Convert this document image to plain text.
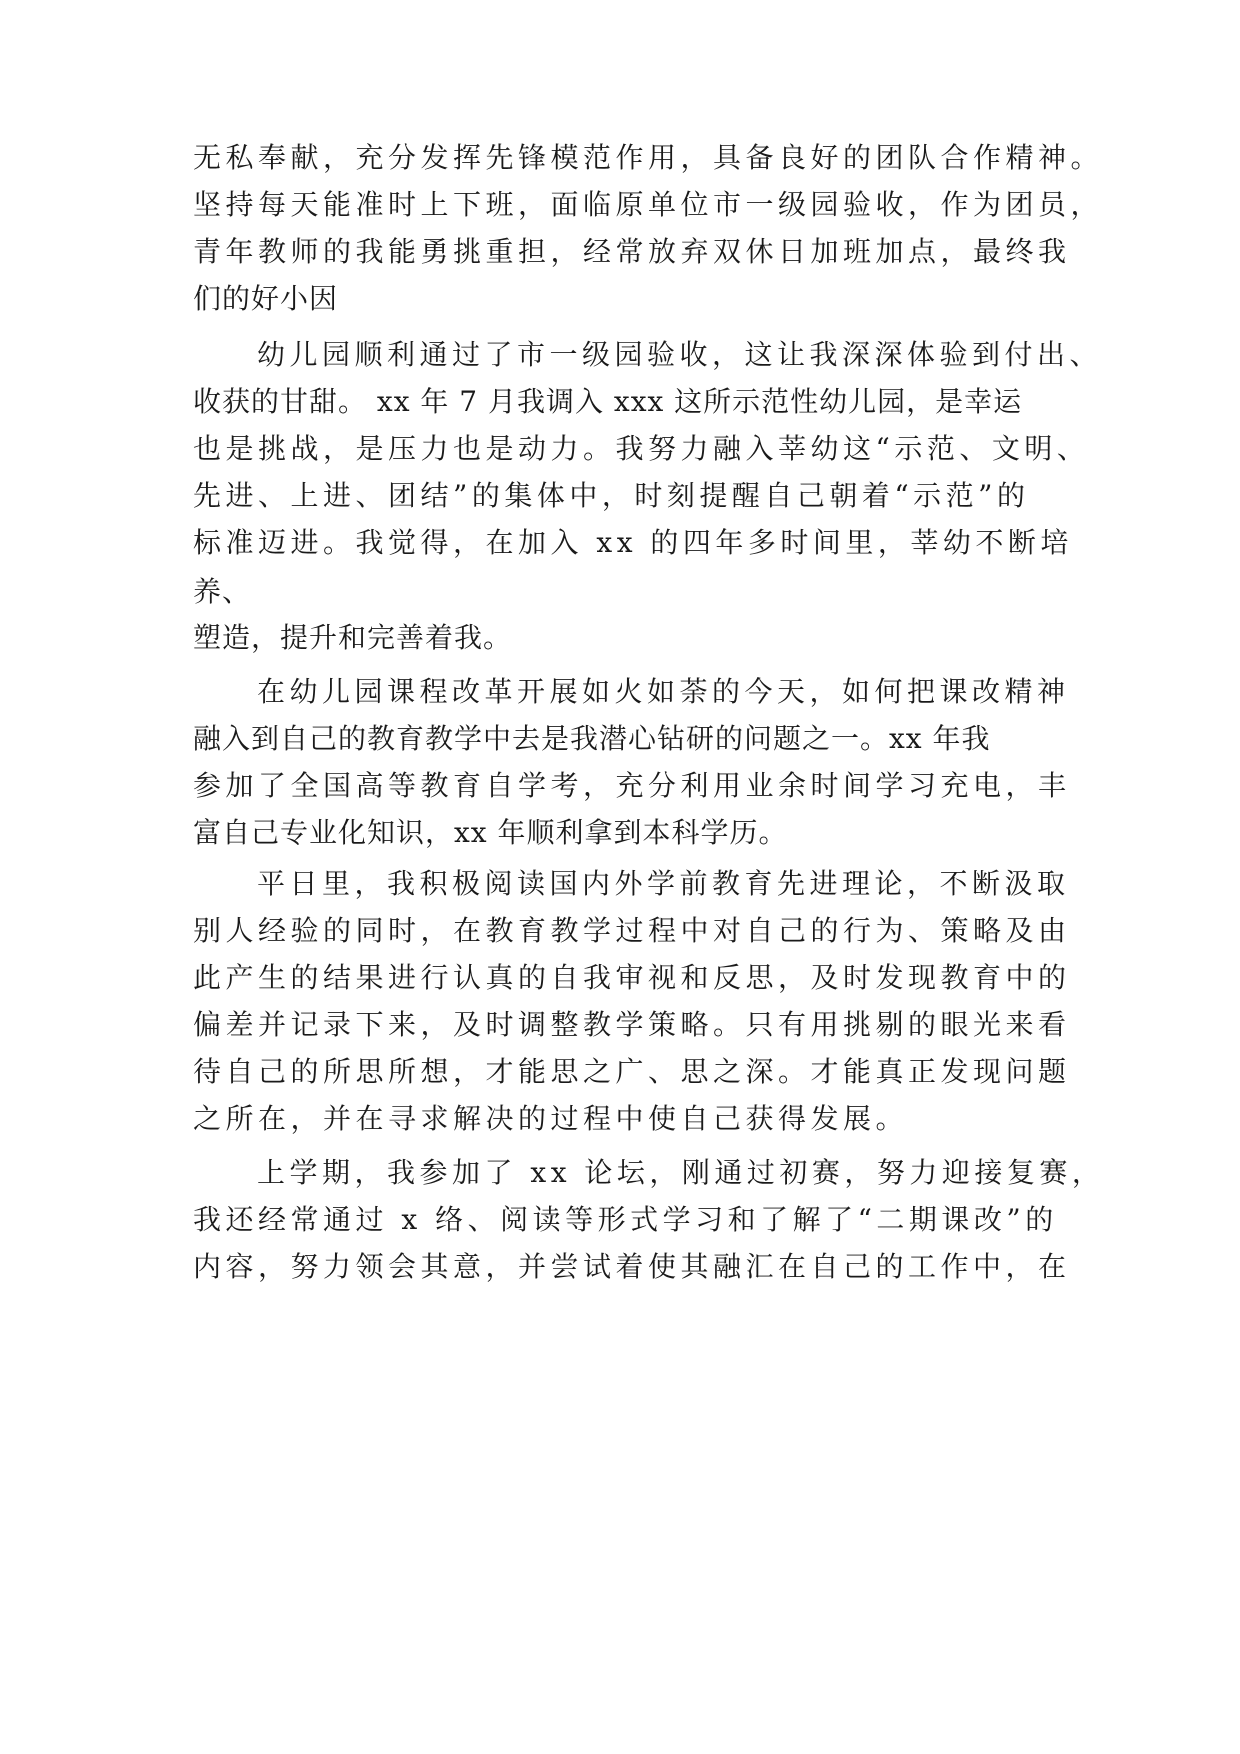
无私奉献，充分发挥先锋模范作用，具备良好的团队合作精神。
坚持每天能准时上下班，面临原单位市一级园验收，作为团员，
青年教师的我能勇挑重担，经常放弃双休日加班加点，最终我
们的好小因
幼儿园顺利通过了市一级园验收，这让我深深体验到付出、
收获的甘甜。 xx 年 7 月我调入 xxx 这所示范性幼儿园，是幸运
也是挑战，是压力也是动力。我努力融入莘幼这“示范、文明、
先进、上进、团结”的集体中，时刻提醒自己朝着“示范”的
标准迈进。我觉得，在加入 xx 的四年多时间里，莘幼不断培
养、
塑造，提升和完善着我。
在幼儿园课程改革开展如火如荼的今天，如何把课改精神
融入到自己的教育教学中去是我潜心钻研的问题之一。xx 年我
参加了全国高等教育自学考，充分利用业余时间学习充电，丰
富自己专业化知识，xx 年顺利拿到本科学历。
平日里，我积极阅读国内外学前教育先进理论，不断汲取
别人经验的同时，在教育教学过程中对自己的行为、策略及由
此产生的结果进行认真的自我审视和反思，及时发现教育中的
偏差并记录下来，及时调整教学策略。只有用挑剔的眼光来看
待自己的所思所想，才能思之广、思之深。才能真正发现问题
之所在，并在寻求解决的过程中使自己获得发展。
上学期，我参加了 xx 论坛，刚通过初赛，努力迎接复赛，
我还经常通过 x 络、阅读等形式学习和了解了“二期课改”的
内容，努力领会其意，并尝试着使其融汇在自己的工作中，在
